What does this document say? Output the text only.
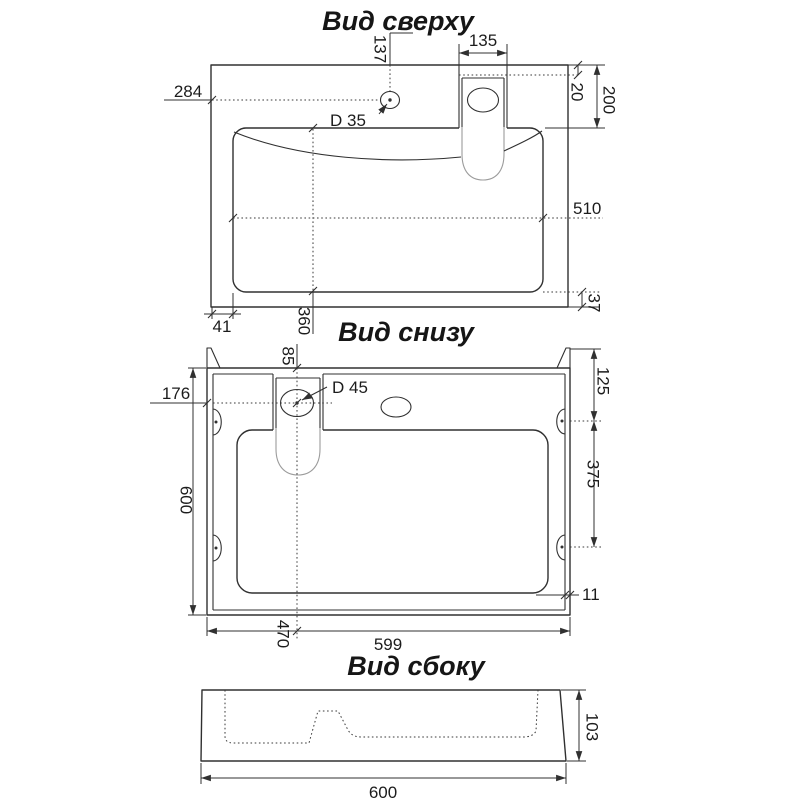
Вид сверху
137	135
284	20 200
D 35
510
37
41	360 Вид снизу
85
D 45
176
600
125
375
11
470	599
Вид сбоку
103
600
